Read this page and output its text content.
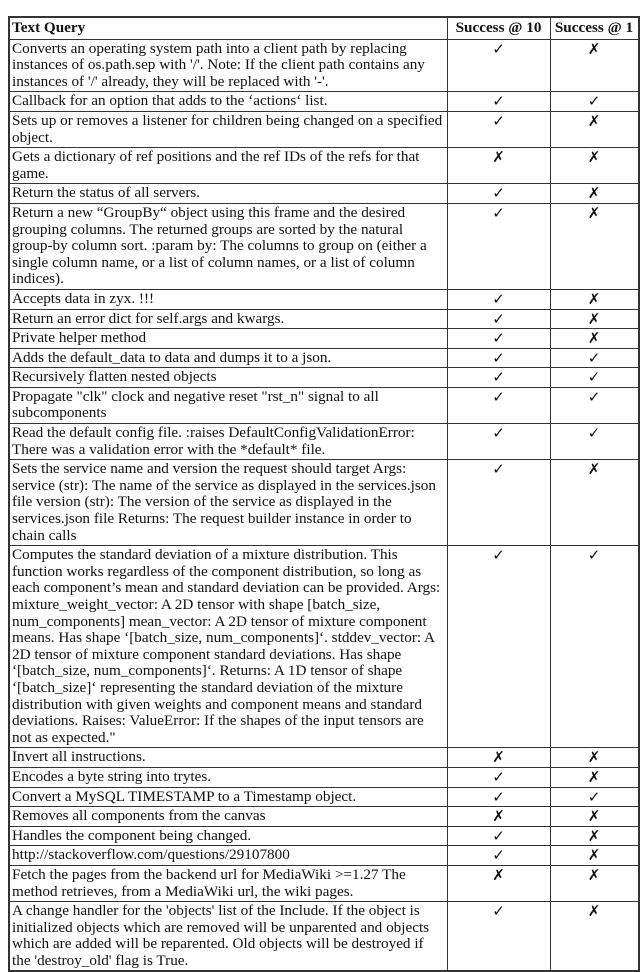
Text Query	Success @ 10	Success @ 1
Converts an operating system path into a client path by replacing instances of os.path.sep with '/'. Note: If the client path contains any instances of '/' already, they will be replaced with '-'.	✓	✗
Callback for an option that adds to the ‘actions‘ list.	✓	✓
Sets up or removes a listener for children being changed on a specified object.	✓	✗
Gets a dictionary of ref positions and the ref IDs of the refs for that game.	✗	✗
Return the status of all servers.	✓	✗
Return a new “GroupBy“ object using this frame and the desired grouping columns. The returned groups are sorted by the natural group-by column sort. :param by: The columns to group on (either a single column name, or a list of column names, or a list of column indices).	✓	✗
Accepts data in zyx. !!!	✓	✗
Return an error dict for self.args and kwargs.	✓	✗
Private helper method	✓	✗
Adds the default_data to data and dumps it to a json.	✓	✓
Recursively flatten nested objects	✓	✓
Propagate "clk" clock and negative reset "rst_n" signal to all subcomponents	✓	✓
Read the default config file. :raises DefaultConfigValidationError: There was a validation error with the *default* file.	✓	✓
Sets the service name and version the request should target Args: service (str): The name of the service as displayed in the services.json file version (str): The version of the service as displayed in the services.json file Returns: The request builder instance in order to chain calls	✓	✗
Computes the standard deviation of a mixture distribution. This function works regardless of the component distribution, so long as each component’s mean and standard deviation can be provided. Args: mixture_weight_vector: A 2D tensor with shape [batch_size, num_components] mean_vector: A 2D tensor of mixture component means. Has shape ‘[batch_size, num_components]‘. stddev_vector: A 2D tensor of mixture component standard deviations. Has shape ‘[batch_size, num_components]‘. Returns: A 1D tensor of shape ‘[batch_size]‘ representing the standard deviation of the mixture distribution with given weights and component means and standard deviations. Raises: ValueError: If the shapes of the input tensors are not as expected."	✓	✓
Invert all instructions.	✗	✗
Encodes a byte string into trytes.	✓	✗
Convert a MySQL TIMESTAMP to a Timestamp object.	✓	✓
Removes all components from the canvas	✗	✗
Handles the component being changed.	✓	✗
http://stackoverflow.com/questions/29107800	✓	✗
Fetch the pages from the backend url for MediaWiki >=1.27 The method retrieves, from a MediaWiki url, the wiki pages.	✗	✗
A change handler for the 'objects' list of the Include. If the object is initialized objects which are removed will be unparented and objects which are added will be reparented. Old objects will be destroyed if the 'destroy_old' flag is True.	✓	✗
